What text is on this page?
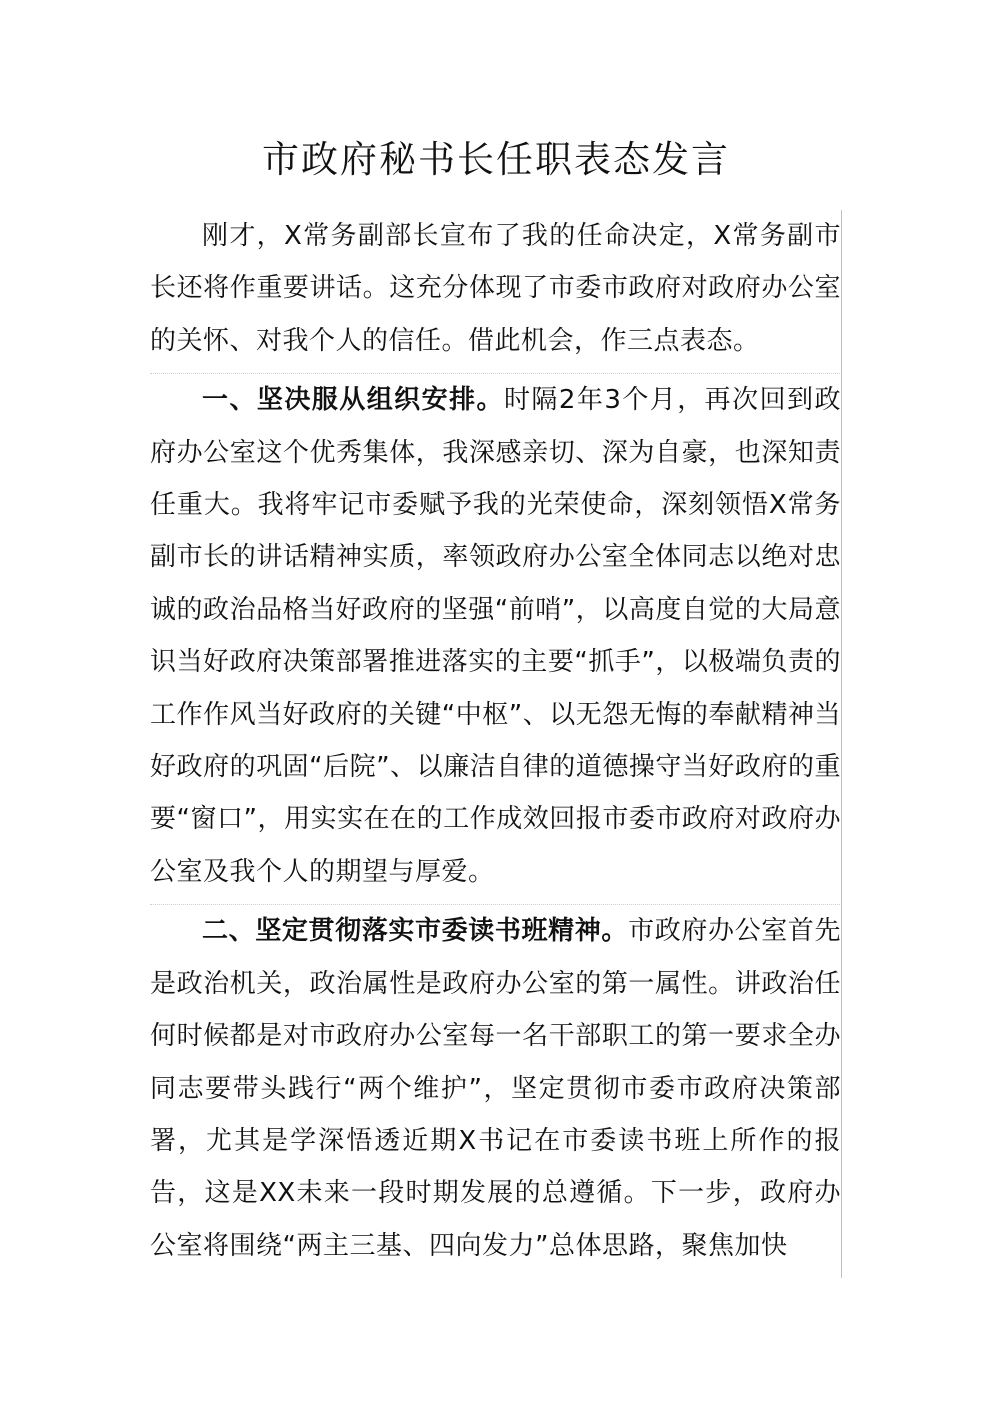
市政府秘书长任职表态发言

刚才，X常务副部长宣布了我的任命决定，X常务副市长还将作重要讲话。这充分体现了市委市政府对政府办公室的关怀、对我个人的信任。借此机会，作三点表态。

一、坚决服从组织安排。时隔2年3个月，再次回到政府办公室这个优秀集体，我深感亲切、深为自豪，也深知责任重大。我将牢记市委赋予我的光荣使命，深刻领悟X常务副市长的讲话精神实质，率领政府办公室全体同志以绝对忠诚的政治品格当好政府的坚强“前哨”，以高度自觉的大局意识当好政府决策部署推进落实的主要“抓手”，以极端负责的工作作风当好政府的关键“中枢”、以无怨无悔的奉献精神当好政府的巩固“后院”、以廉洁自律的道德操守当好政府的重要“窗口”，用实实在在的工作成效回报市委市政府对政府办公室及我个人的期望与厚爱。

二、坚定贯彻落实市委读书班精神。市政府办公室首先是政治机关，政治属性是政府办公室的第一属性。讲政治任何时候都是对市政府办公室每一名干部职工的第一要求全办同志要带头践行“两个维护”，坚定贯彻市委市政府决策部署，尤其是学深悟透近期X书记在市委读书班上所作的报告，这是XX未来一段时期发展的总遵循。下一步，政府办公室将围绕“两主三基、四向发力”总体思路，聚焦加快
